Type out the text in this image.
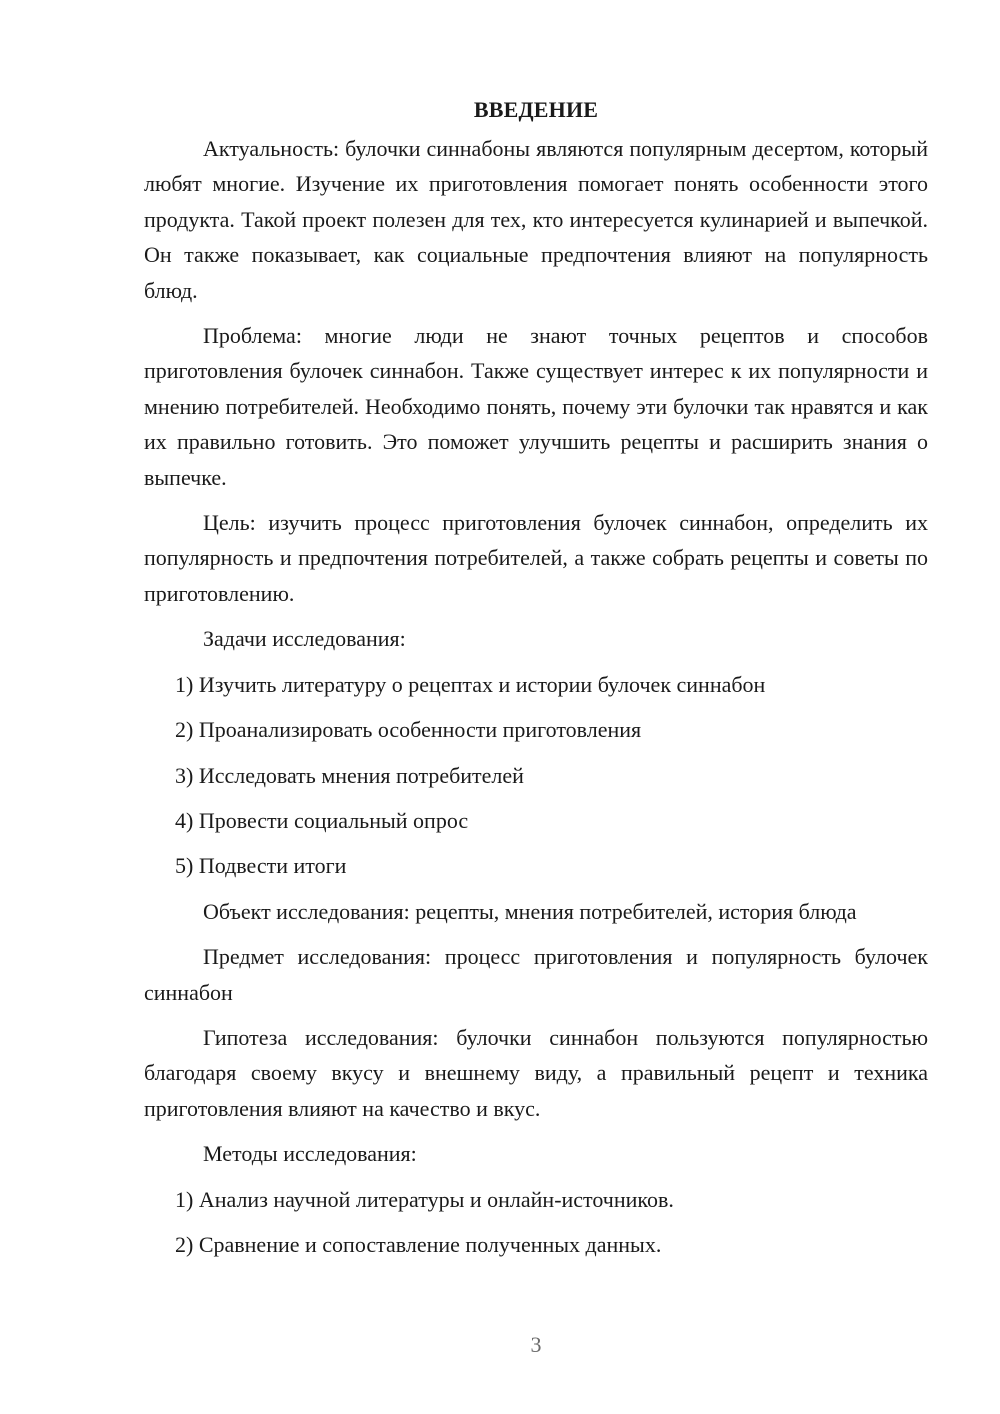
ВВЕДЕНИЕ

Актуальность: булочки синнабоны являются популярным десертом, который любят многие. Изучение их приготовления помогает понять особенности этого продукта. Такой проект полезен для тех, кто интересуется кулинарией и выпечкой. Он также показывает, как социальные предпочтения влияют на популярность блюд.

Проблема: многие люди не знают точных рецептов и способов приготовления булочек синнабон. Также существует интерес к их популярности и мнению потребителей. Необходимо понять, почему эти булочки так нравятся и как их правильно готовить. Это поможет улучшить рецепты и расширить знания о выпечке.

Цель: изучить процесс приготовления булочек синнабон, определить их популярность и предпочтения потребителей, а также собрать рецепты и советы по приготовлению.

Задачи исследования:

1) Изучить литературу о рецептах и истории булочек синнабон
2) Проанализировать особенности приготовления
3) Исследовать мнения потребителей
4) Провести социальный опрос
5) Подвести итоги

Объект исследования: рецепты, мнения потребителей, история блюда

Предмет исследования: процесс приготовления и популярность булочек синнабон

Гипотеза исследования: булочки синнабон пользуются популярностью благодаря своему вкусу и внешнему виду, а правильный рецепт и техника приготовления влияют на качество и вкус.

Методы исследования:

1) Анализ научной литературы и онлайн-источников.
2) Сравнение и сопоставление полученных данных.
3
